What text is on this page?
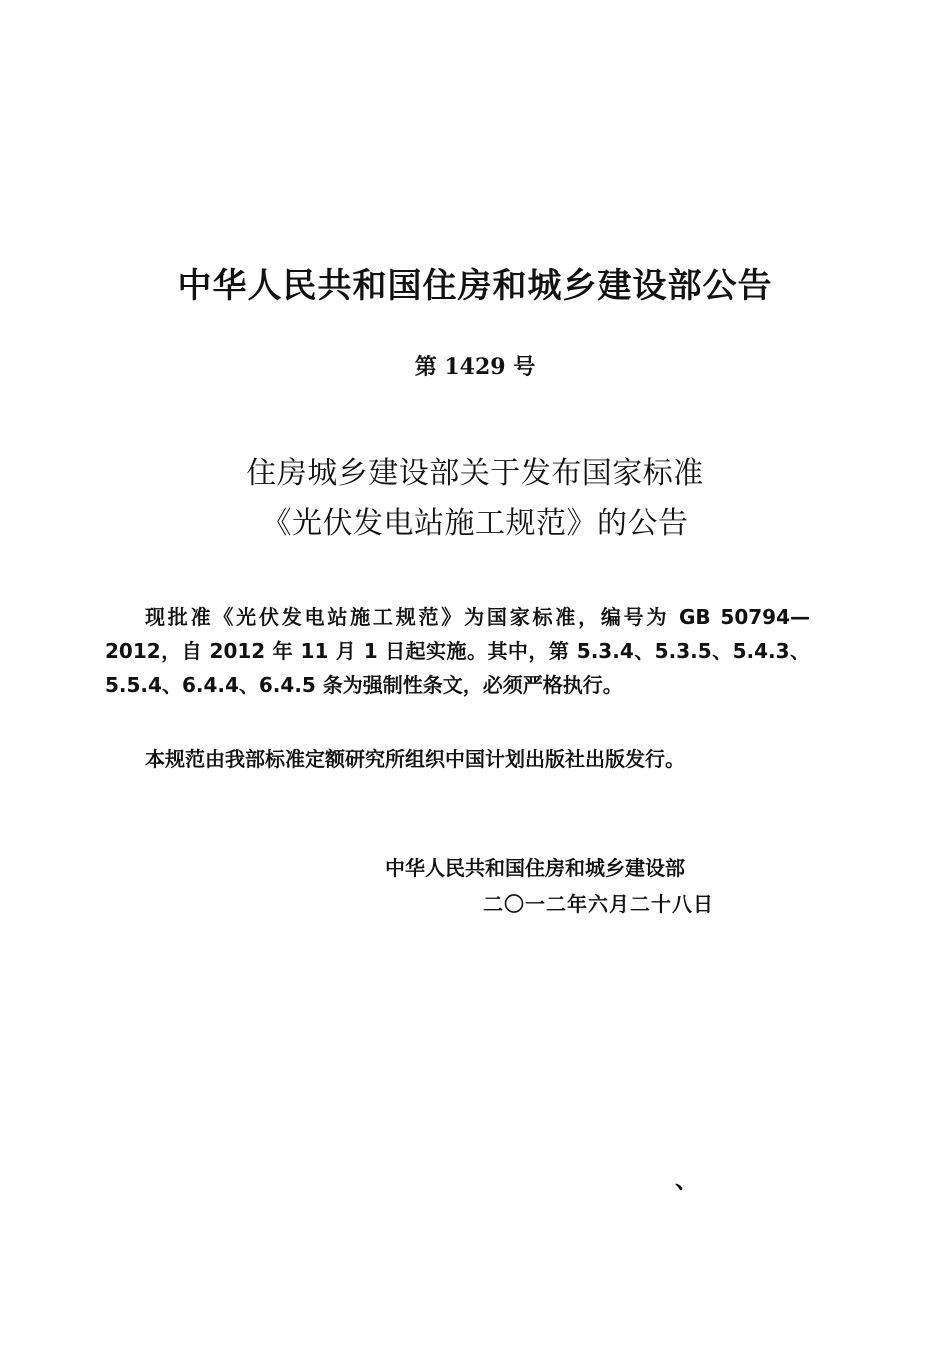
中华人民共和国住房和城乡建设部公告
第 1429 号
住房城乡建设部关于发布国家标准
《光伏发电站施工规范》的公告

现批准《光伏发电站施工规范》为国家标准，编号为 GB 50794—2012，自 2012 年 11 月 1 日起实施。其中，第 5.3.4、5.3.5、5.4.3、5.5.4、6.4.4、6.4.5 条为强制性条文，必须严格执行。

本规范由我部标准定额研究所组织中国计划出版社出版发行。

中华人民共和国住房和城乡建设部
二〇一二年六月二十八日
、
